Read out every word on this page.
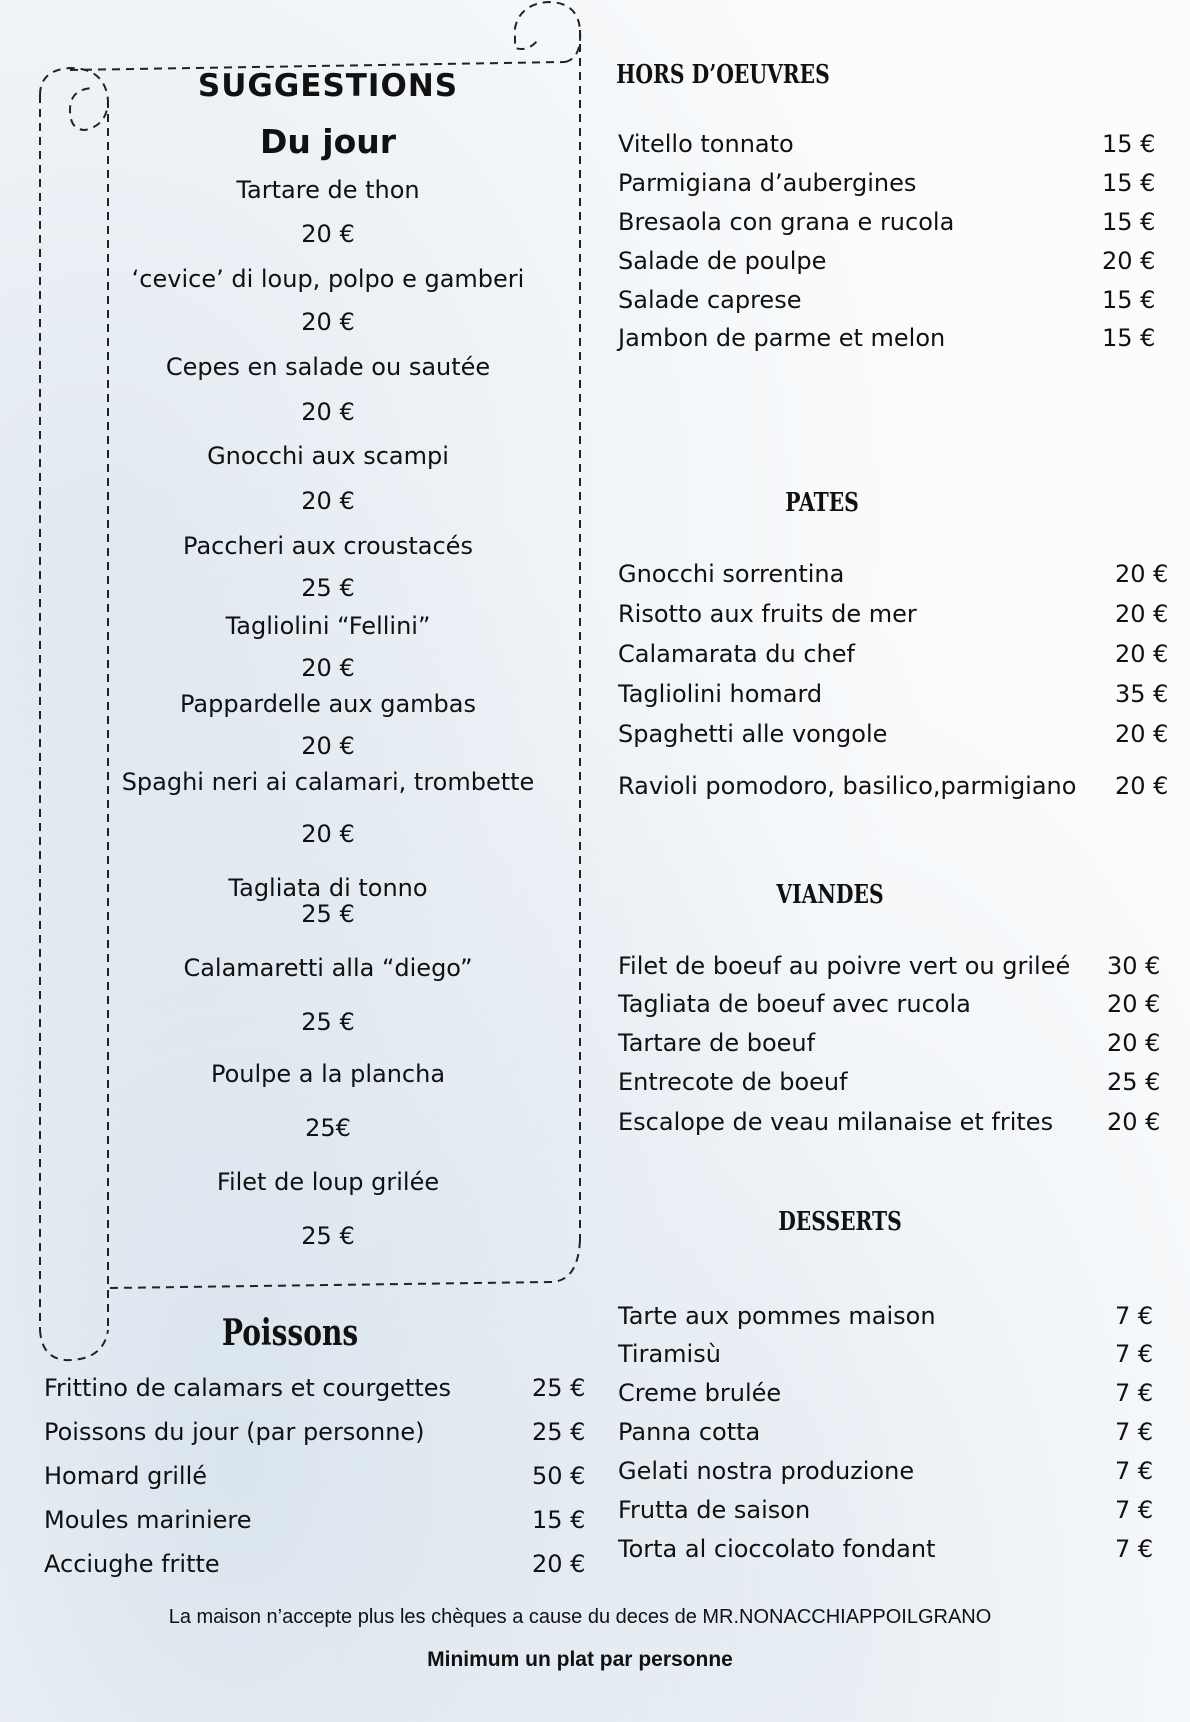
SUGGESTIONS
Du jour
Tartare de thon
20 €
‘cevice’ di loup, polpo e gamberi
20 €
Cepes en salade ou sautée
20 €
Gnocchi aux scampi
20 €
Paccheri aux croustacés
25 €
Tagliolini “Fellini”
20 €
Pappardelle aux gambas
20 €
Spaghi neri ai calamari, trombette
20 €
Tagliata di tonno
25 €
Calamaretti alla “diego”
25 €
Poulpe a la plancha
25€
Filet de loup grilée
25 €
HORS D’OEUVRES
PATES
VIANDES
DESSERTS
Poissons
Vitello tonnato	15 €
Parmigiana d’aubergines	15 €
Bresaola con grana e rucola	15 €
Salade de poulpe	20 €
Salade caprese	15 €
Jambon de parme et melon	15 €
Gnocchi sorrentina	20 €
Risotto aux fruits de mer	20 €
Calamarata du chef	20 €
Tagliolini homard	35 €
Spaghetti alle vongole	20 €
Ravioli pomodoro, basilico,parmigiano 20 €
Filet de boeuf au poivre vert ou grileé 30 €
Tagliata de boeuf avec rucola	20 €
Tartare de boeuf	20 €
Entrecote de boeuf	25 €
Escalope de veau milanaise et frites 20 €
Tarte aux pommes maison	7 €
Tiramisù	7 €
Creme brulée	7 €
Panna cotta	7 €
Gelati nostra produzione	7 €
Frutta de saison	7 €
Torta al cioccolato fondant	7 €
Frittino de calamars et courgettes	25 €
Poissons du jour (par personne)	25 €
Homard grillé	50 €
Moules mariniere	15 €
Acciughe fritte	20 €
La maison n’accepte plus les chèques a cause du deces de MR.NONACCHIAPPOILGRANO
Minimum un plat par personne
